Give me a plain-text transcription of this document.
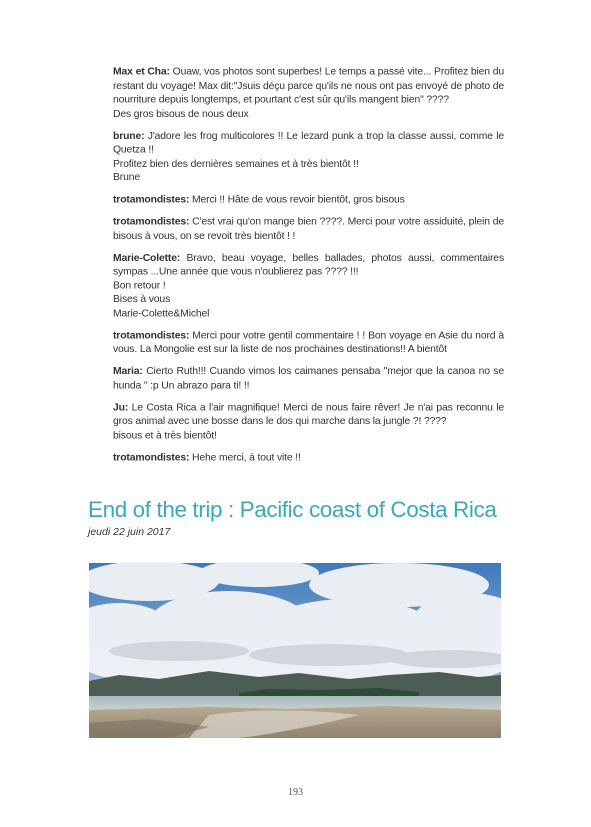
Max et Cha: Ouaw, vos photos sont superbes! Le temps a passé vite... Profitez bien du restant du voyage! Max dit:"Jsuis déçu parce qu'ils ne nous ont pas envoyé de photo de nourriture depuis longtemps, et pourtant c'est sûr qu'ils mangent bien" ????
Des gros bisous de nous deux
brune: J'adore les frog multicolores !! Le lezard punk a trop la classe aussi, comme le Quetza !!
Profitez bien des dernières semaines et à très bientôt !!
Brune
trotamondistes: Merci !! Hâte de vous revoir bientôt, gros bisous
trotamondistes: C'est vrai qu'on mange bien ????. Merci pour votre assiduité, plein de bisous à vous, on se revoit très bientôt ! !
Marie-Colette: Bravo, beau voyage, belles ballades, photos aussi, commentaires sympas ...Une année que vous n'oublierez pas ???? !!!
Bon retour !
Bises à vous
Marie-Colette&Michel
trotamondistes: Merci pour votre gentil commentaire ! ! Bon voyage en Asie du nord à vous. La Mongolie est sur la liste de nos prochaines destinations!! A bientôt
Maria: Cierto Ruth!!! Cuando vimos los caimanes pensaba "mejor que la canoa no se hunda " :p Un abrazo para ti! !!
Ju: Le Costa Rica a l'air magnifique! Merci de nous faire rêver! Je n'ai pas reconnu le gros animal avec une bosse dans le dos qui marche dans la jungle ?! ????
bisous et à très bientôt!
trotamondistes: Hehe merci, à tout vite !!
End of the trip : Pacific coast of Costa Rica
jeudi 22 juin 2017
193
